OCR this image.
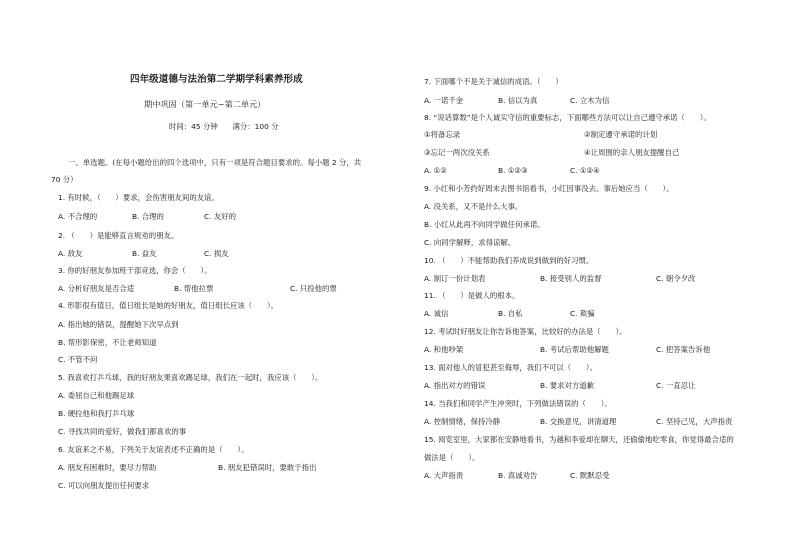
四年级道德与法治第二学期学科素养形成
期中巩固（第一单元~第二单元）
时间：45 分钟　　满分：100 分
一、单选题。(在每小题给出的四个选项中，只有一项是符合题目要求的。每小题 2 分，共
70 分）
1. 有时候，（　　）要求，会伤害朋友间的友谊。
A. 不合理的	B. 合理的	C. 友好的
2. （　　）是能够直言规劝的朋友。
A. 敌友	B. 益友	C. 损友
3. 你的好朋友参加班干部竞选，你会（　　）。
A. 分析好朋友是否合适	B. 帮他拉票	C. 只投他的票
4. 形影很有值日，值日组长是她的好朋友，值日组长应该（　　）。
A. 指出她的错误，提醒她下次早点到
B. 帮形影保密，不让老师知道
C. 不管不问
5. 我喜欢打乒乓球，我的好朋友果喜欢踢足球，我们在一起时，我应该（　　）。
A. 委屈自己和他踢足球
B. 硬拉他和我打乒乓球
C. 寻找共同的爱好，做我们都喜欢的事
6. 友谊来之不易，下列关于友谊表述不正确的是（　　）。
A. 朋友有困难时，要尽力帮助	B. 朋友犯错误时，要敢于指出
C. 可以向朋友提出任何要求
7. 下面哪个不是关于诚信的成语。（　　）
A. 一诺千金	B. 信以为真	C. 立木为信
8. “说话算数”是个人诚实守信的重要标志，下面哪些方法可以让自己遵守承诺（　　）。
①将备忘录	②制定遵守承诺的计划
③忘记一两次没关系	④让周围的亲人朋友提醒自己
A. ①②	B. ①②③	C. ①②④
9. 小红和小芳约好周末去图书馆看书，小红因事没去。事后她应当（　　）。
A. 没关系，又不是什么大事。
B. 小红从此再不向同学做任何承诺。
C. 向同学解释，求得谅解。
10. （　　）不能帮助我们养成说到做到的好习惯。
A. 制订一份计划表	B. 接受别人的监督	C. 朝令夕改
11. （　　）是做人的根本。
A. 诚信	B. 自私	C. 欺骗
12. 考试时好朋友让你告诉他答案，比较好的办法是（　　）。
A. 和他吵架	B. 考试后帮助他解题	C. 把答案告诉他
13. 面对他人的冒犯甚至侮辱，我们不可以（　　）。
A. 指出对方的错误	B. 要求对方道歉	C. 一直忍让
14. 当我们和同学产生冲突时，下列做法错误的（　　）。
A. 控制情绪，保持冷静	B. 交换意见，讲清道理	C. 坚持己见，大声指责
15. 阅览室里，大家都在安静地看书，为越和李爱却在聊天，还偷偷地吃零食，你觉得最合适的
做法是（　　）。
A. 大声指责	B. 真诚劝告	C. 默默忍受
